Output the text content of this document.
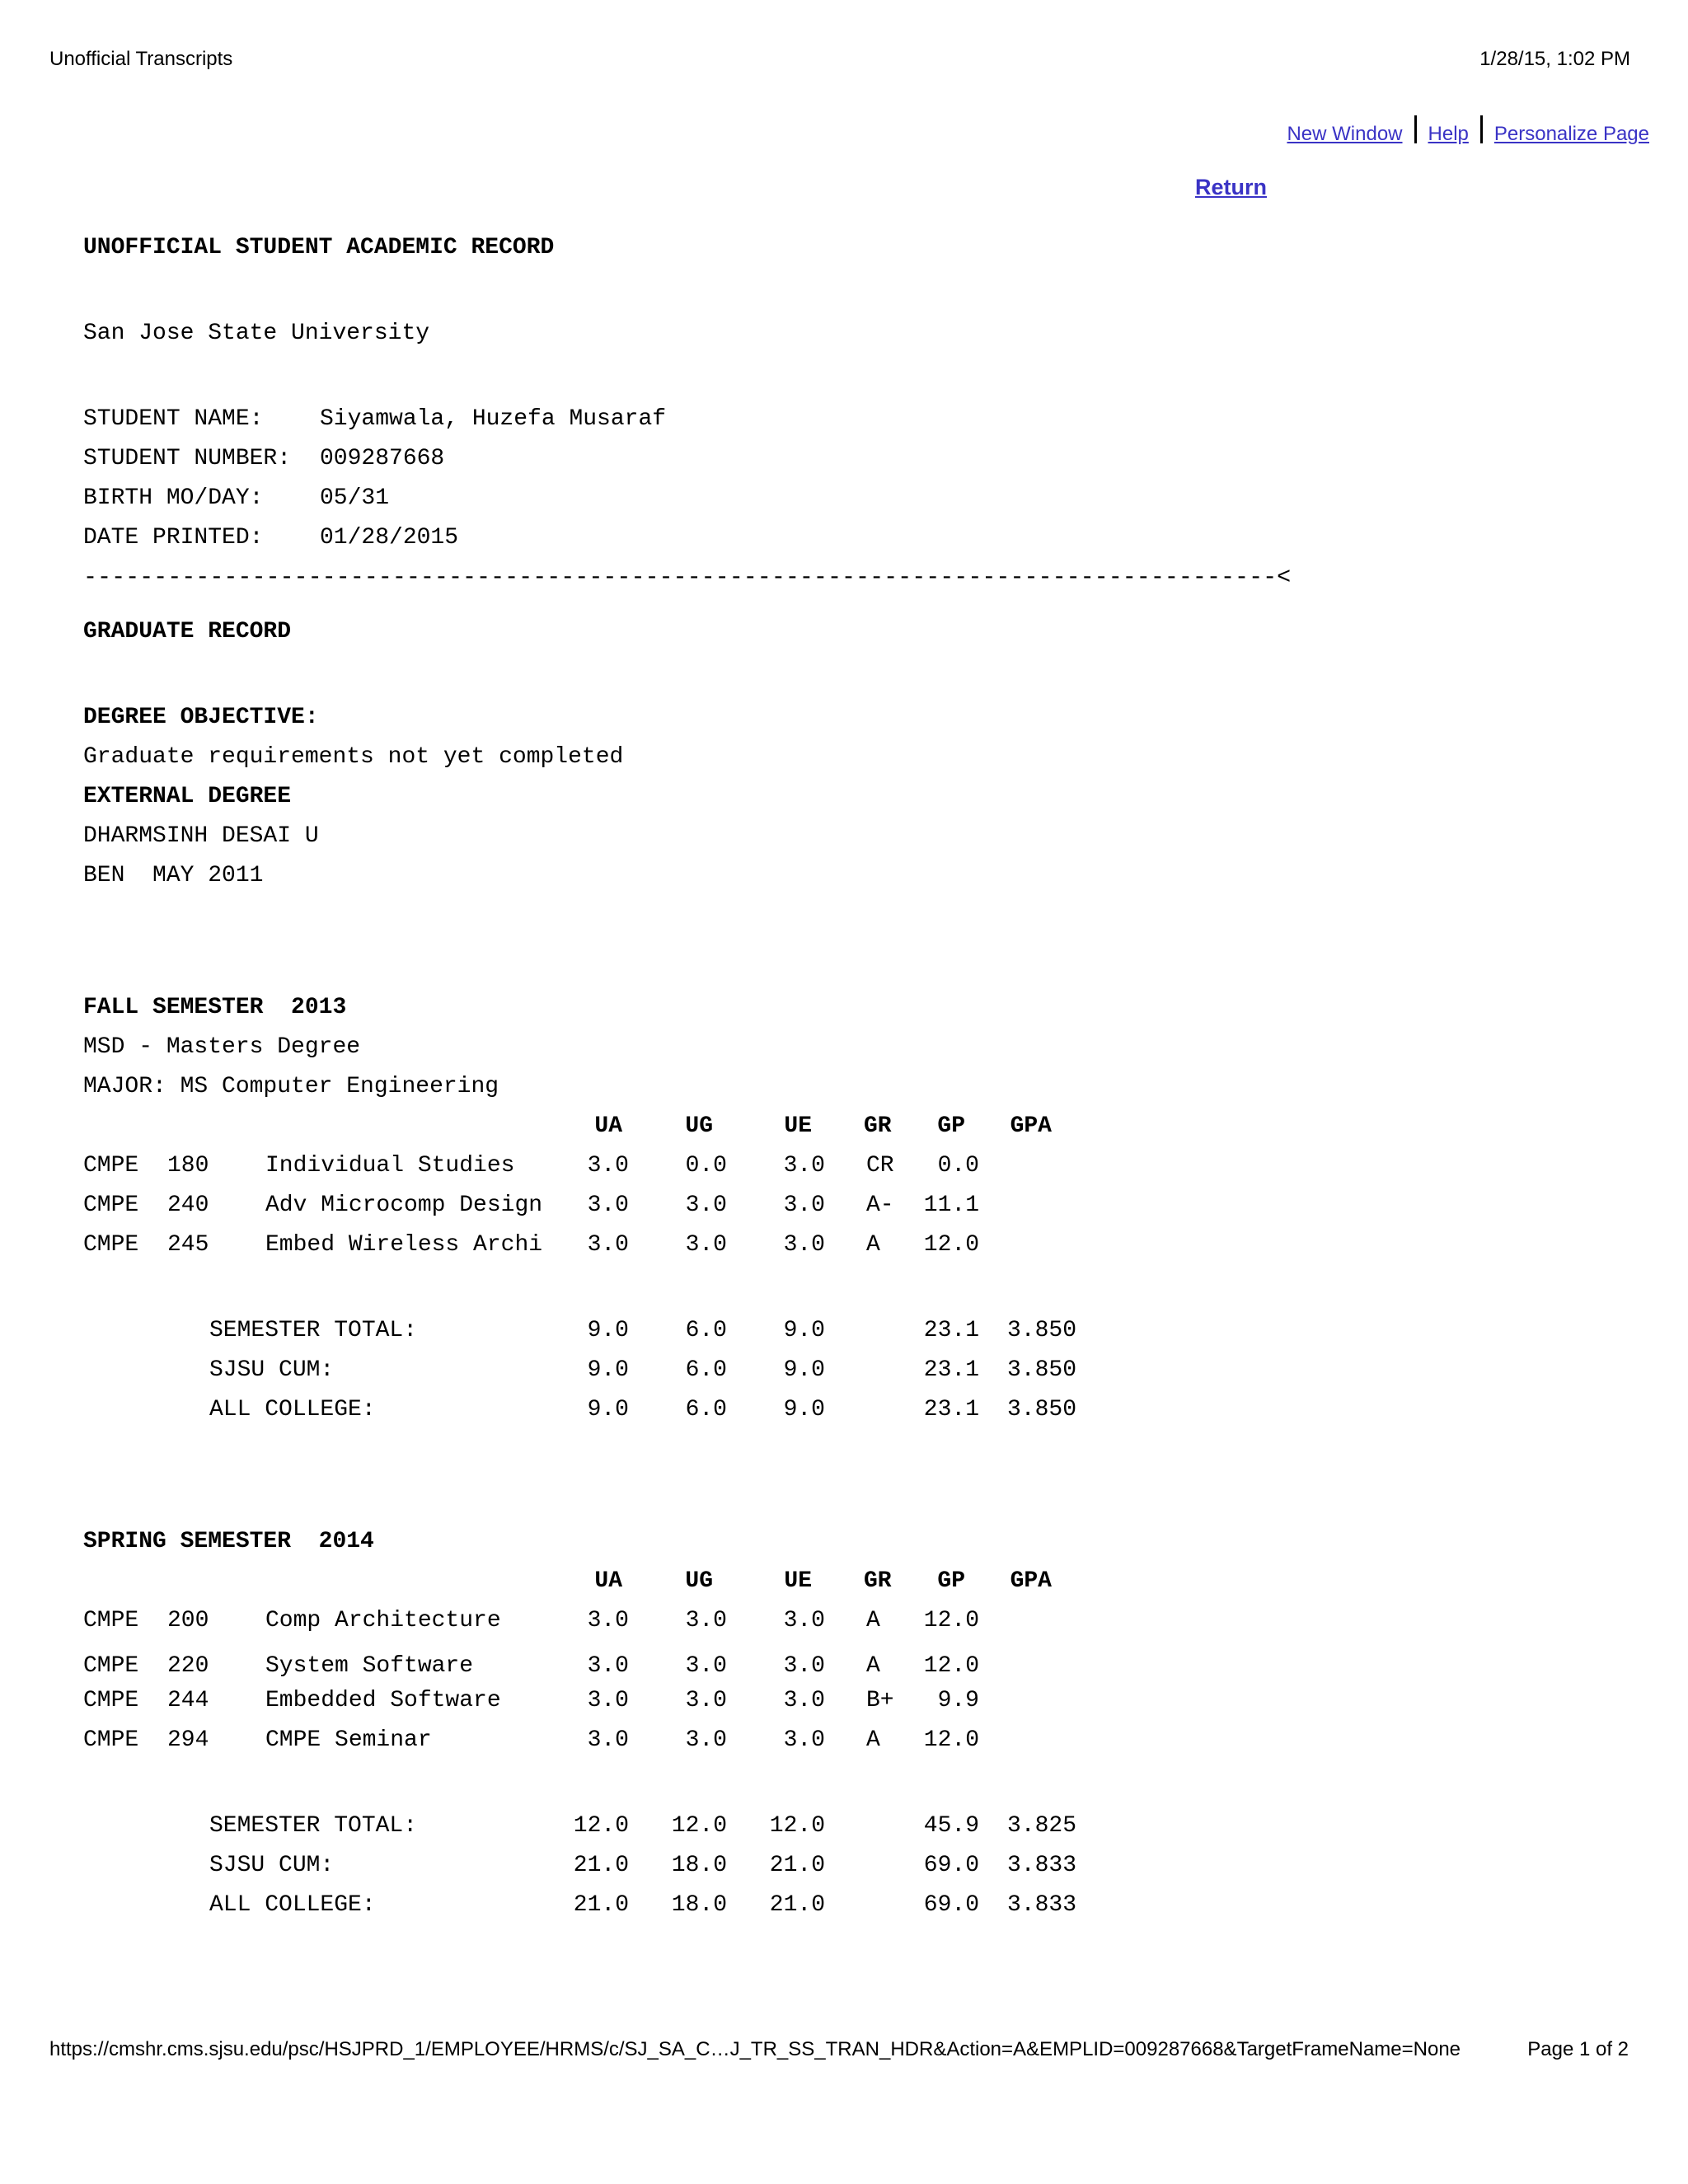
Unofficial Transcripts	1/28/15, 1:02 PM
New Window Help Personalize Page
Return
UNOFFICIAL STUDENT ACADEMIC RECORD
San Jose State University
STUDENT NAME: Siyamwala, Huzefa Musaraf
STUDENT NUMBER: 009287668
BIRTH MO/DAY: 05/31
DATE PRINTED: 01/28/2015
-------------------------------------------------------------------------------------<
GRADUATE RECORD
DEGREE OBJECTIVE:
Graduate requirements not yet completed
EXTERNAL DEGREE
DHARMSINH DESAI U
BEN  MAY 2011
FALL SEMESTER  2013
MSD - Masters Degree
MAJOR: MS Computer Engineering
UA	UG	UE GR GP GPA
CMPE 180 Individual Studies	3.0 0.0 3.0 CR 0.0
CMPE 240 Adv Microcomp Design 3.0 3.0 3.0 A- 11.1
CMPE 245 Embed Wireless Archi 3.0 3.0 3.0 A 12.0
SEMESTER TOTAL:	9.0 6.0 9.0	23.1 3.850
SJSU CUM:	9.0 6.0 9.0	23.1 3.850
ALL COLLEGE:	9.0 6.0 9.0	23.1 3.850
SPRING SEMESTER  2014
UA	UG	UE GR GP GPA
CMPE 200 Comp Architecture	3.0 3.0 3.0 A 12.0
CMPE 220 System Software	3.0 3.0 3.0 A 12.0
CMPE 244 Embedded Software	3.0 3.0 3.0 B+ 9.9
CMPE 294 CMPE Seminar	3.0 3.0 3.0 A 12.0
SEMESTER TOTAL:	12.0 12.0 12.0	45.9 3.825
SJSU CUM:	21.0 18.0 21.0	69.0 3.833
ALL COLLEGE:	21.0 18.0 21.0	69.0 3.833
https://cmshr.cms.sjsu.edu/psc/HSJPRD_1/EMPLOYEE/HRMS/c/SJ_SA_C…J_TR_SS_TRAN_HDR&Action=A&EMPLID=009287668&TargetFrameName=None	Page 1 of 2
